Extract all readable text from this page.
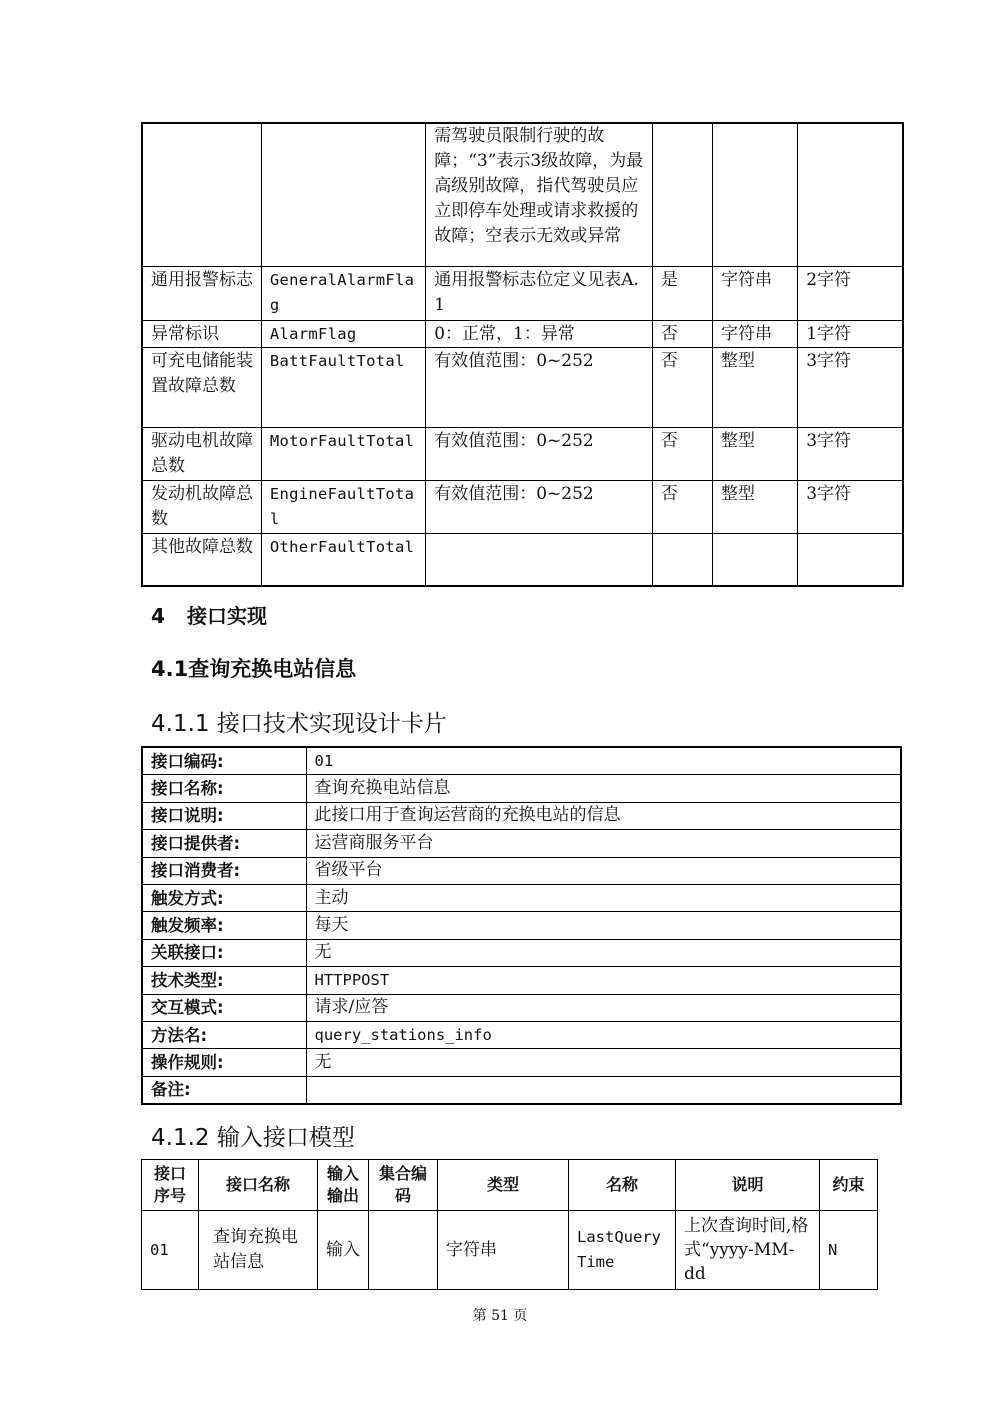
		需驾驶员限制行驶的故障；“3”表示3级故障，为最高级别故障，指代驾驶员应立即停车处理或请求救援的故障；空表示无效或异常			
通用报警标志	GeneralAlarmFlag	通用报警标志位定义见表A.1	是	字符串	2字符
异常标识	AlarmFlag	0：正常，1：异常	否	字符串	1字符
可充电储能装置故障总数	BattFaultTotal	有效值范围：0~252	否	整型	3字符
驱动电机故障总数	MotorFaultTotal	有效值范围：0~252	否	整型	3字符
发动机故障总数	EngineFaultTotal	有效值范围：0~252	否	整型	3字符
其他故障总数	OtherFaultTotal				
4 接口实现
4.1查询充换电站信息
4.1.1 接口技术实现设计卡片
接口编码:	01
接口名称:	查询充换电站信息
接口说明:	此接口用于查询运营商的充换电站的信息
接口提供者:	运营商服务平台
接口消费者:	省级平台
触发方式:	主动
触发频率:	每天
关联接口:	无
技术类型:	HTTPPOST
交互模式:	请求/应答
方法名:	query_stations_info
操作规则:	无
备注:	
4.1.2 输入接口模型
接口序号	接口名称	输入输出	集合编码	类型	名称	说明	约束
01	查询充换电站信息	输入		字符串	LastQueryTime	上次查询时间,格式“yyyy-MM-dd	N
第 51 页
